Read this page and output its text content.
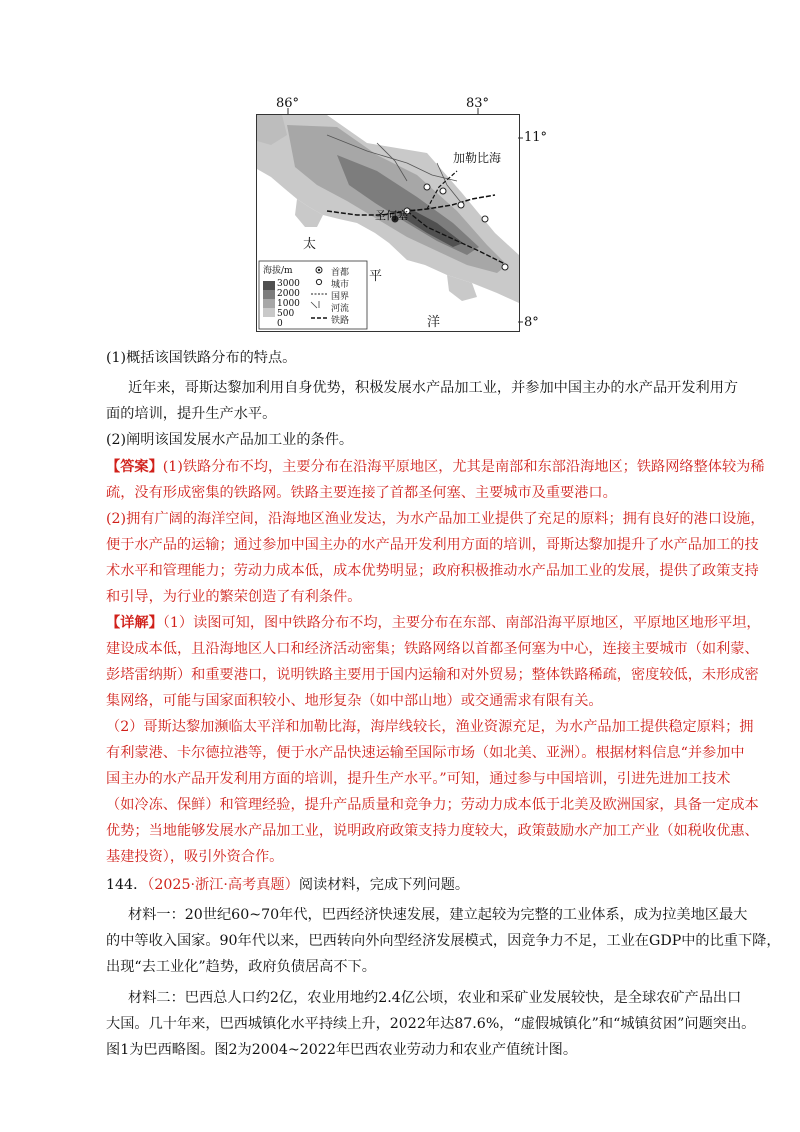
86°	83°
11°
8°
加勒比海
圣何塞
太
平
洋
海拔/m
3000
2000
1000
500
0
首都
城市
国界
河流
铁路
(1)概括该国铁路分布的特点。
近年来，哥斯达黎加利用自身优势，积极发展水产品加工业，并参加中国主办的水产品开发利用方
面的培训，提升生产水平。
(2)阐明该国发展水产品加工业的条件。
【答案】(1)铁路分布不均，主要分布在沿海平原地区，尤其是南部和东部沿海地区；铁路网络整体较为稀
疏，没有形成密集的铁路网。铁路主要连接了首都圣何塞、主要城市及重要港口。
(2)拥有广阔的海洋空间，沿海地区渔业发达，为水产品加工业提供了充足的原料；拥有良好的港口设施，
便于水产品的运输；通过参加中国主办的水产品开发利用方面的培训，哥斯达黎加提升了水产品加工的技
术水平和管理能力；劳动力成本低，成本优势明显；政府积极推动水产品加工业的发展，提供了政策支持
和引导，为行业的繁荣创造了有利条件。
【详解】（1）读图可知，图中铁路分布不均，主要分布在东部、南部沿海平原地区，平原地区地形平坦，
建设成本低，且沿海地区人口和经济活动密集；铁路网络以首都圣何塞为中心，连接主要城市（如利蒙、
彭塔雷纳斯）和重要港口，说明铁路主要用于国内运输和对外贸易；整体铁路稀疏，密度较低，未形成密
集网络，可能与国家面积较小、地形复杂（如中部山地）或交通需求有限有关。
（2）哥斯达黎加濒临太平洋和加勒比海，海岸线较长，渔业资源充足，为水产品加工提供稳定原料；拥
有利蒙港、卡尔德拉港等，便于水产品快速运输至国际市场（如北美、亚洲）。根据材料信息“并参加中
国主办的水产品开发利用方面的培训，提升生产水平。”可知，通过参与中国培训，引进先进加工技术
（如冷冻、保鲜）和管理经验，提升产品质量和竞争力；劳动力成本低于北美及欧洲国家，具备一定成本
优势；当地能够发展水产品加工业，说明政府政策支持力度较大，政策鼓励水产加工产业（如税收优惠、
基建投资），吸引外资合作。
144．（2025·浙江·高考真题）阅读材料，完成下列问题。
材料一：20世纪60~70年代，巴西经济快速发展，建立起较为完整的工业体系，成为拉美地区最大
的中等收入国家。90年代以来，巴西转向外向型经济发展模式，因竞争力不足，工业在GDP中的比重下降，
出现“去工业化”趋势，政府负债居高不下。
材料二：巴西总人口约2亿，农业用地约2.4亿公顷，农业和采矿业发展较快，是全球农矿产品出口
大国。几十年来，巴西城镇化水平持续上升，2022年达87.6%，“虚假城镇化”和“城镇贫困”问题突出。
图1为巴西略图。图2为2004~2022年巴西农业劳动力和农业产值统计图。
